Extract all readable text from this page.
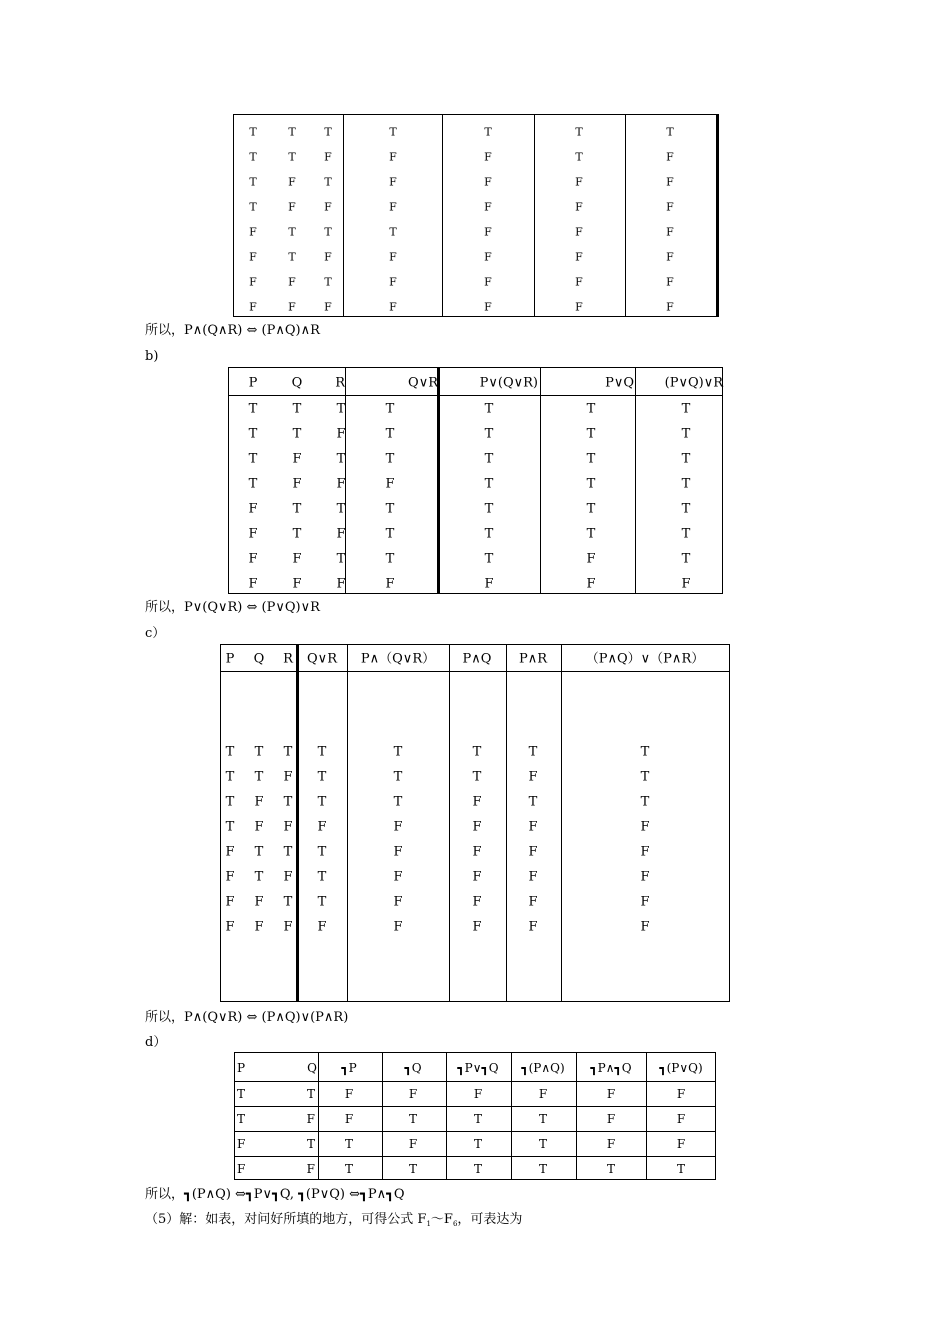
T	T	T	T	T	T	T
T	T	F	F	F	T	F
T	F	T	F	F	F	F
T	F	F	F	F	F	F
F	T	T	T	F	F	F
F	T	F	F	F	F	F
F	F	T	F	F	F	F
F	F	F	F	F	F	F
所以，P∧(Q∧R) ⇔ (P∧Q)∧R
b)
P	Q	R	Q∨R	P∨(Q∨R)	P∨Q (P∨Q)∨R
T	T	T	T	T	T	T
T	T	F	T	T	T	T
T	F	T	T	T	T	T
T	F	F	F	T	T	T
F	T	T	T	T	T	T
F	T	F	T	T	T	T
F	F	T	T	T	F	T
F	F	F	F	F	F	F
所以，P∨(Q∨R) ⇔ (P∨Q)∨R
c）
P Q R Q∨R P∧（Q∨R） P∧Q P∧R	（P∧Q）∨（P∧R）
T T T T	T	T	T	T
T T F T	T	T	F	T
T F T T	T	F	T	T
T F F F	F	F	F	F
F T T T	F	F	F	F
F T F T	F	F	F	F
F F T T	F	F	F	F
F F F F	F	F	F	F
所以，P∧(Q∨R) ⇔ (P∧Q)∨(P∧R)
d）
P	Q ┓P	┓Q	┓P∨┓Q ┓(P∧Q) ┓P∧┓Q ┓(P∨Q)
T	T F	F	F	F	F	F
T	F F	T	T	T	F	F
F	T T	F	T	T	F	F
F	F T	T	T	T	T	T
所以，┓(P∧Q) ⇔┓P∨┓Q, ┓(P∨Q) ⇔┓P∧┓Q
（5）解：如表，对问好所填的地方，可得公式 $F_1\sim F_6$，可表达为
